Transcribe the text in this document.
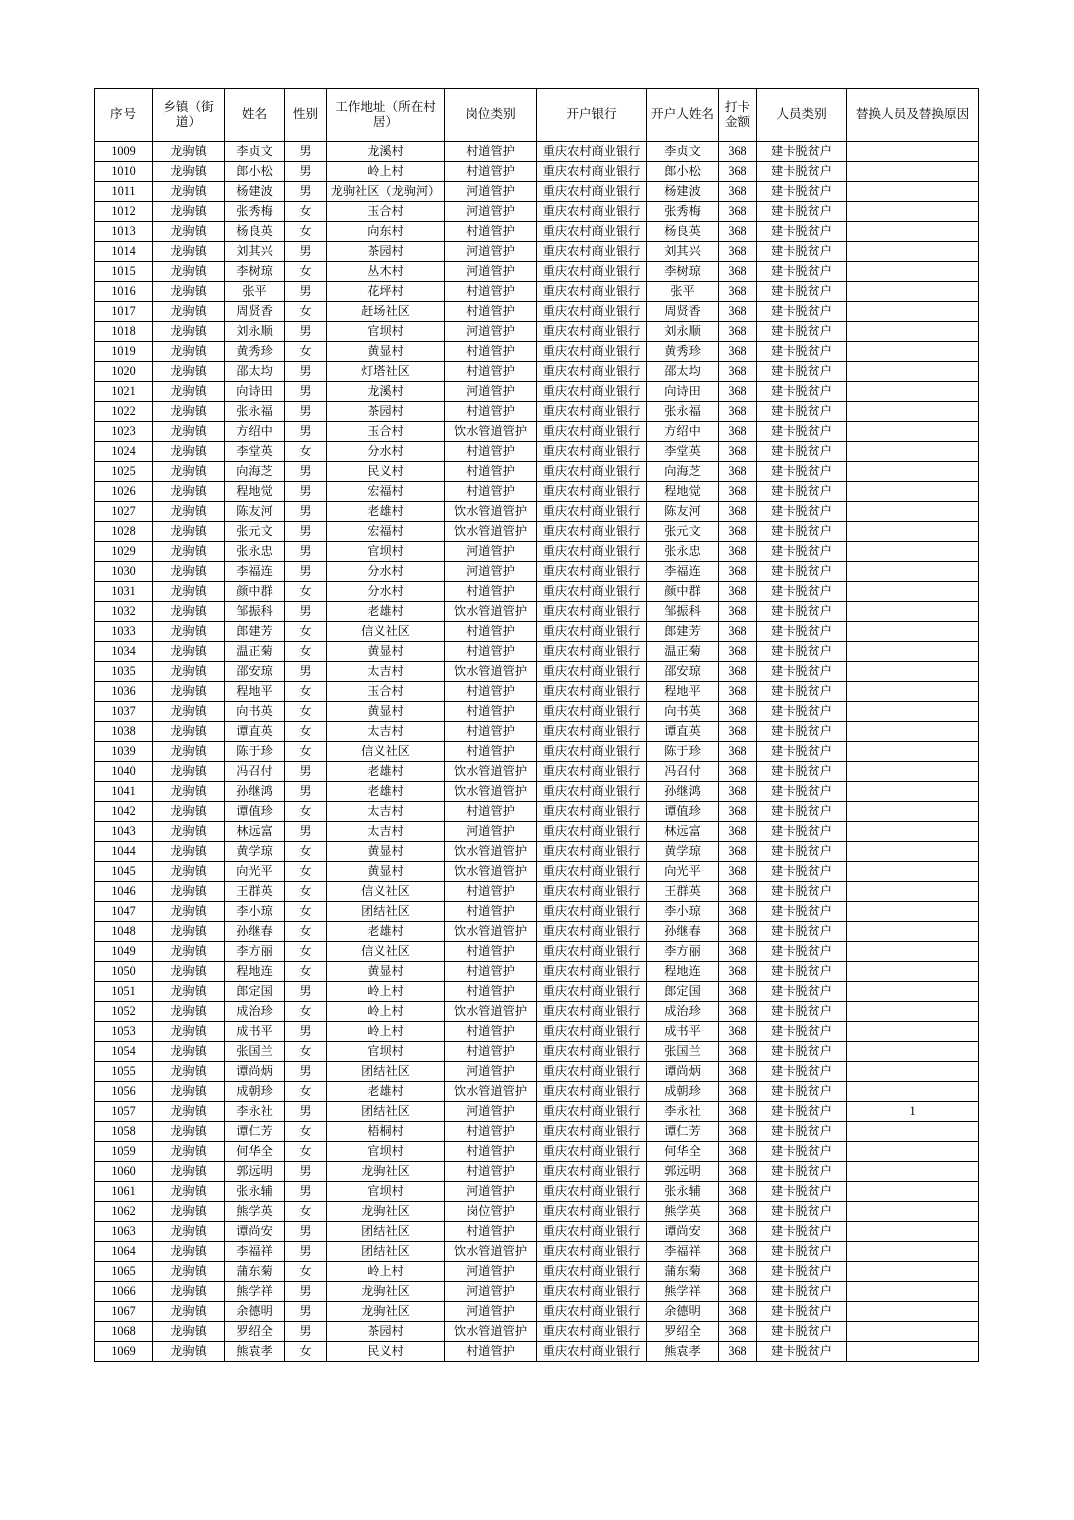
序号	乡镇（街道）	姓名	性别	工作地址（所在村居）	岗位类别	开户银行	开户人姓名	打卡金额	人员类别	替换人员及替换原因
1009	龙驹镇	李贞文	男	龙溪村	村道管护	重庆农村商业银行	李贞文	368	建卡脱贫户	
1010	龙驹镇	郎小松	男	岭上村	村道管护	重庆农村商业银行	郎小松	368	建卡脱贫户	
1011	龙驹镇	杨建波	男	龙驹社区（龙驹河）	河道管护	重庆农村商业银行	杨建波	368	建卡脱贫户	
1012	龙驹镇	张秀梅	女	玉合村	河道管护	重庆农村商业银行	张秀梅	368	建卡脱贫户	
1013	龙驹镇	杨良英	女	向东村	村道管护	重庆农村商业银行	杨良英	368	建卡脱贫户	
1014	龙驹镇	刘其兴	男	茶园村	河道管护	重庆农村商业银行	刘其兴	368	建卡脱贫户	
1015	龙驹镇	李树琼	女	丛木村	河道管护	重庆农村商业银行	李树琼	368	建卡脱贫户	
1016	龙驹镇	张平	男	花坪村	村道管护	重庆农村商业银行	张平	368	建卡脱贫户	
1017	龙驹镇	周贤香	女	赶场社区	村道管护	重庆农村商业银行	周贤香	368	建卡脱贫户	
1018	龙驹镇	刘永顺	男	官坝村	河道管护	重庆农村商业银行	刘永顺	368	建卡脱贫户	
1019	龙驹镇	黄秀珍	女	黄显村	村道管护	重庆农村商业银行	黄秀珍	368	建卡脱贫户	
1020	龙驹镇	邵太均	男	灯塔社区	村道管护	重庆农村商业银行	邵太均	368	建卡脱贫户	
1021	龙驹镇	向诗田	男	龙溪村	河道管护	重庆农村商业银行	向诗田	368	建卡脱贫户	
1022	龙驹镇	张永福	男	茶园村	村道管护	重庆农村商业银行	张永福	368	建卡脱贫户	
1023	龙驹镇	方绍中	男	玉合村	饮水管道管护	重庆农村商业银行	方绍中	368	建卡脱贫户	
1024	龙驹镇	李堂英	女	分水村	村道管护	重庆农村商业银行	李堂英	368	建卡脱贫户	
1025	龙驹镇	向海芝	男	民义村	村道管护	重庆农村商业银行	向海芝	368	建卡脱贫户	
1026	龙驹镇	程地觉	男	宏福村	村道管护	重庆农村商业银行	程地觉	368	建卡脱贫户	
1027	龙驹镇	陈友河	男	老雄村	饮水管道管护	重庆农村商业银行	陈友河	368	建卡脱贫户	
1028	龙驹镇	张元文	男	宏福村	饮水管道管护	重庆农村商业银行	张元文	368	建卡脱贫户	
1029	龙驹镇	张永忠	男	官坝村	河道管护	重庆农村商业银行	张永忠	368	建卡脱贫户	
1030	龙驹镇	李福连	男	分水村	河道管护	重庆农村商业银行	李福连	368	建卡脱贫户	
1031	龙驹镇	颜中群	女	分水村	村道管护	重庆农村商业银行	颜中群	368	建卡脱贫户	
1032	龙驹镇	邹振科	男	老雄村	饮水管道管护	重庆农村商业银行	邹振科	368	建卡脱贫户	
1033	龙驹镇	郎建芳	女	信义社区	村道管护	重庆农村商业银行	郎建芳	368	建卡脱贫户	
1034	龙驹镇	温正菊	女	黄显村	村道管护	重庆农村商业银行	温正菊	368	建卡脱贫户	
1035	龙驹镇	邵安琼	男	太吉村	饮水管道管护	重庆农村商业银行	邵安琼	368	建卡脱贫户	
1036	龙驹镇	程地平	女	玉合村	村道管护	重庆农村商业银行	程地平	368	建卡脱贫户	
1037	龙驹镇	向书英	女	黄显村	村道管护	重庆农村商业银行	向书英	368	建卡脱贫户	
1038	龙驹镇	谭直英	女	太吉村	村道管护	重庆农村商业银行	谭直英	368	建卡脱贫户	
1039	龙驹镇	陈于珍	女	信义社区	村道管护	重庆农村商业银行	陈于珍	368	建卡脱贫户	
1040	龙驹镇	冯召付	男	老雄村	饮水管道管护	重庆农村商业银行	冯召付	368	建卡脱贫户	
1041	龙驹镇	孙继鸿	男	老雄村	饮水管道管护	重庆农村商业银行	孙继鸿	368	建卡脱贫户	
1042	龙驹镇	谭值珍	女	太吉村	村道管护	重庆农村商业银行	谭值珍	368	建卡脱贫户	
1043	龙驹镇	林远富	男	太吉村	河道管护	重庆农村商业银行	林远富	368	建卡脱贫户	
1044	龙驹镇	黄学琼	女	黄显村	饮水管道管护	重庆农村商业银行	黄学琼	368	建卡脱贫户	
1045	龙驹镇	向光平	女	黄显村	饮水管道管护	重庆农村商业银行	向光平	368	建卡脱贫户	
1046	龙驹镇	王群英	女	信义社区	村道管护	重庆农村商业银行	王群英	368	建卡脱贫户	
1047	龙驹镇	李小琼	女	团结社区	村道管护	重庆农村商业银行	李小琼	368	建卡脱贫户	
1048	龙驹镇	孙继春	女	老雄村	饮水管道管护	重庆农村商业银行	孙继春	368	建卡脱贫户	
1049	龙驹镇	李方丽	女	信义社区	村道管护	重庆农村商业银行	李方丽	368	建卡脱贫户	
1050	龙驹镇	程地连	女	黄显村	村道管护	重庆农村商业银行	程地连	368	建卡脱贫户	
1051	龙驹镇	郎定国	男	岭上村	村道管护	重庆农村商业银行	郎定国	368	建卡脱贫户	
1052	龙驹镇	成治珍	女	岭上村	饮水管道管护	重庆农村商业银行	成治珍	368	建卡脱贫户	
1053	龙驹镇	成书平	男	岭上村	村道管护	重庆农村商业银行	成书平	368	建卡脱贫户	
1054	龙驹镇	张国兰	女	官坝村	村道管护	重庆农村商业银行	张国兰	368	建卡脱贫户	
1055	龙驹镇	谭尚炳	男	团结社区	河道管护	重庆农村商业银行	谭尚炳	368	建卡脱贫户	
1056	龙驹镇	成朝珍	女	老雄村	饮水管道管护	重庆农村商业银行	成朝珍	368	建卡脱贫户	
1057	龙驹镇	李永社	男	团结社区	河道管护	重庆农村商业银行	李永社	368	建卡脱贫户	1
1058	龙驹镇	谭仁芳	女	梧桐村	村道管护	重庆农村商业银行	谭仁芳	368	建卡脱贫户	
1059	龙驹镇	何华全	女	官坝村	村道管护	重庆农村商业银行	何华全	368	建卡脱贫户	
1060	龙驹镇	郭远明	男	龙驹社区	村道管护	重庆农村商业银行	郭远明	368	建卡脱贫户	
1061	龙驹镇	张永辅	男	官坝村	河道管护	重庆农村商业银行	张永辅	368	建卡脱贫户	
1062	龙驹镇	熊学英	女	龙驹社区	岗位管护	重庆农村商业银行	熊学英	368	建卡脱贫户	
1063	龙驹镇	谭尚安	男	团结社区	村道管护	重庆农村商业银行	谭尚安	368	建卡脱贫户	
1064	龙驹镇	李福祥	男	团结社区	饮水管道管护	重庆农村商业银行	李福祥	368	建卡脱贫户	
1065	龙驹镇	蒲东菊	女	岭上村	河道管护	重庆农村商业银行	蒲东菊	368	建卡脱贫户	
1066	龙驹镇	熊学祥	男	龙驹社区	河道管护	重庆农村商业银行	熊学祥	368	建卡脱贫户	
1067	龙驹镇	余德明	男	龙驹社区	河道管护	重庆农村商业银行	余德明	368	建卡脱贫户	
1068	龙驹镇	罗绍全	男	茶园村	饮水管道管护	重庆农村商业银行	罗绍全	368	建卡脱贫户	
1069	龙驹镇	熊袁孝	女	民义村	村道管护	重庆农村商业银行	熊袁孝	368	建卡脱贫户	
